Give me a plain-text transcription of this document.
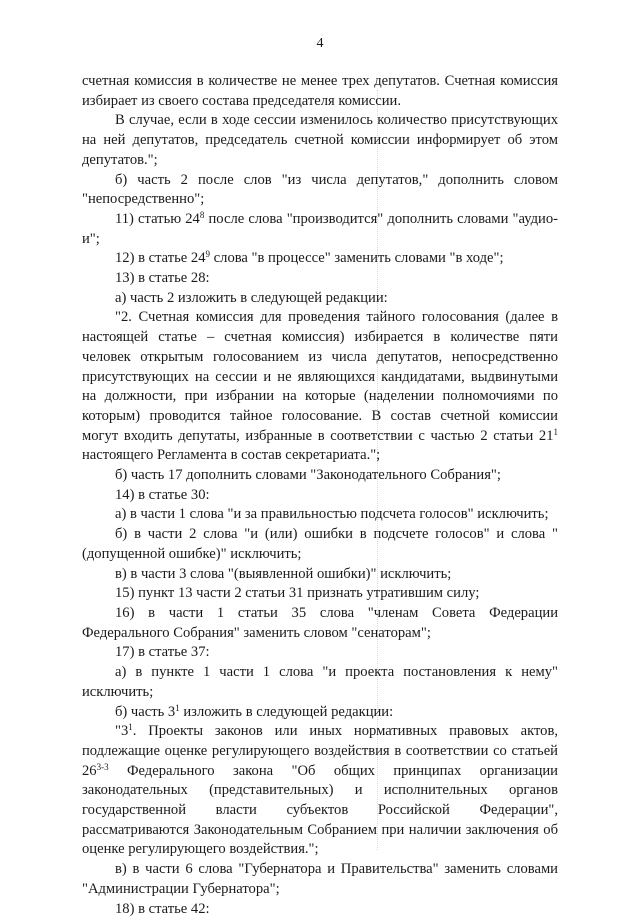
4

счетная комиссия в количестве не менее трех депутатов. Счетная комиссия избирает из своего состава председателя комиссии.

В случае, если в ходе сессии изменилось количество присутствующих на ней депутатов, председатель счетной комиссии информирует об этом депутатов.";

б) часть 2 после слов "из числа депутатов," дополнить словом "непосредственно";

11) статью $24^8$ после слова "производится" дополнить словами "аудио- и";

12) в статье $24^9$ слова "в процессе" заменить словами "в ходе";

13) в статье 28:

а) часть 2 изложить в следующей редакции:

"2. Счетная комиссия для проведения тайного голосования (далее в настоящей статье – счетная комиссия) избирается в количестве пяти человек открытым голосованием из числа депутатов, непосредственно присутствующих на сессии и не являющихся кандидатами, выдвинутыми на должности, при избрании на которые (наделении полномочиями по которым) проводится тайное голосование. В состав счетной комиссии могут входить депутаты, избранные в соответствии с частью 2 статьи $21^1$ настоящего Регламента в состав секретариата.";

б) часть 17 дополнить словами "Законодательного Собрания";

14) в статье 30:

а) в части 1 слова "и за правильностью подсчета голосов" исключить;

б) в части 2 слова "и (или) ошибки в подсчете голосов" и слова "(допущенной ошибке)" исключить;

в) в части 3 слова "(выявленной ошибки)" исключить;

15) пункт 13 части 2 статьи 31 признать утратившим силу;

16) в части 1 статьи 35 слова "членам Совета Федерации Федерального Собрания" заменить словом "сенаторам";

17) в статье 37:

а) в пункте 1 части 1 слова "и проекта постановления к нему" исключить;

б) часть $3^1$ изложить в следующей редакции:

"$3^1$. Проекты законов или иных нормативных правовых актов, подлежащие оценке регулирующего воздействия в соответствии со статьей 26$^{3-3}$ Федерального закона "Об общих принципах организации законодательных (представительных) и исполнительных органов государственной власти субъектов Российской Федерации", рассматриваются Законодательным Собранием при наличии заключения об оценке регулирующего воздействия.";

в) в части 6 слова "Губернатора и Правительства" заменить словами "Администрации Губернатора";

18) в статье 42:
